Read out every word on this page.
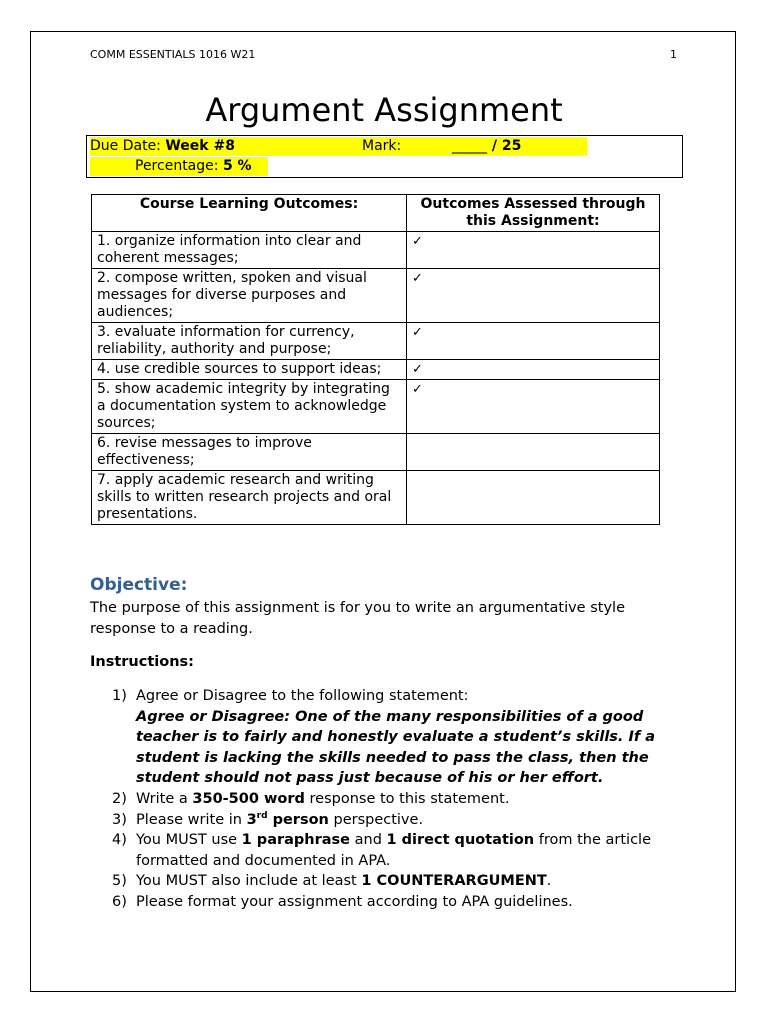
COMM ESSENTIALS 1016 W21	1
Argument Assignment
Due Date: Week #8	Mark:	_____ / 25
Percentage: 5 %
Course Learning Outcomes:	Outcomes Assessed through this Assignment:
1. organize information into clear and coherent messages;	✓
2. compose written, spoken and visual messages for diverse purposes and audiences;	✓
3. evaluate information for currency, reliability, authority and purpose;	✓
4. use credible sources to support ideas;	✓
5. show academic integrity by integrating a documentation system to acknowledge sources;	✓
6. revise messages to improve effectiveness;	
7. apply academic research and writing skills to written research projects and oral presentations.	
Objective:
The purpose of this assignment is for you to write an argumentative style response to a reading.
Instructions:
1) Agree or Disagree to the following statement:
Agree or Disagree: One of the many responsibilities of a good teacher is to fairly and honestly evaluate a student’s skills. If a student is lacking the skills needed to pass the class, then the student should not pass just because of his or her effort.
2) Write a 350-500 word response to this statement.
3) Please write in 3rd person perspective.
4) You MUST use 1 paraphrase and 1 direct quotation from the article formatted and documented in APA.
5) You MUST also include at least 1 COUNTERARGUMENT.
6) Please format your assignment according to APA guidelines.
